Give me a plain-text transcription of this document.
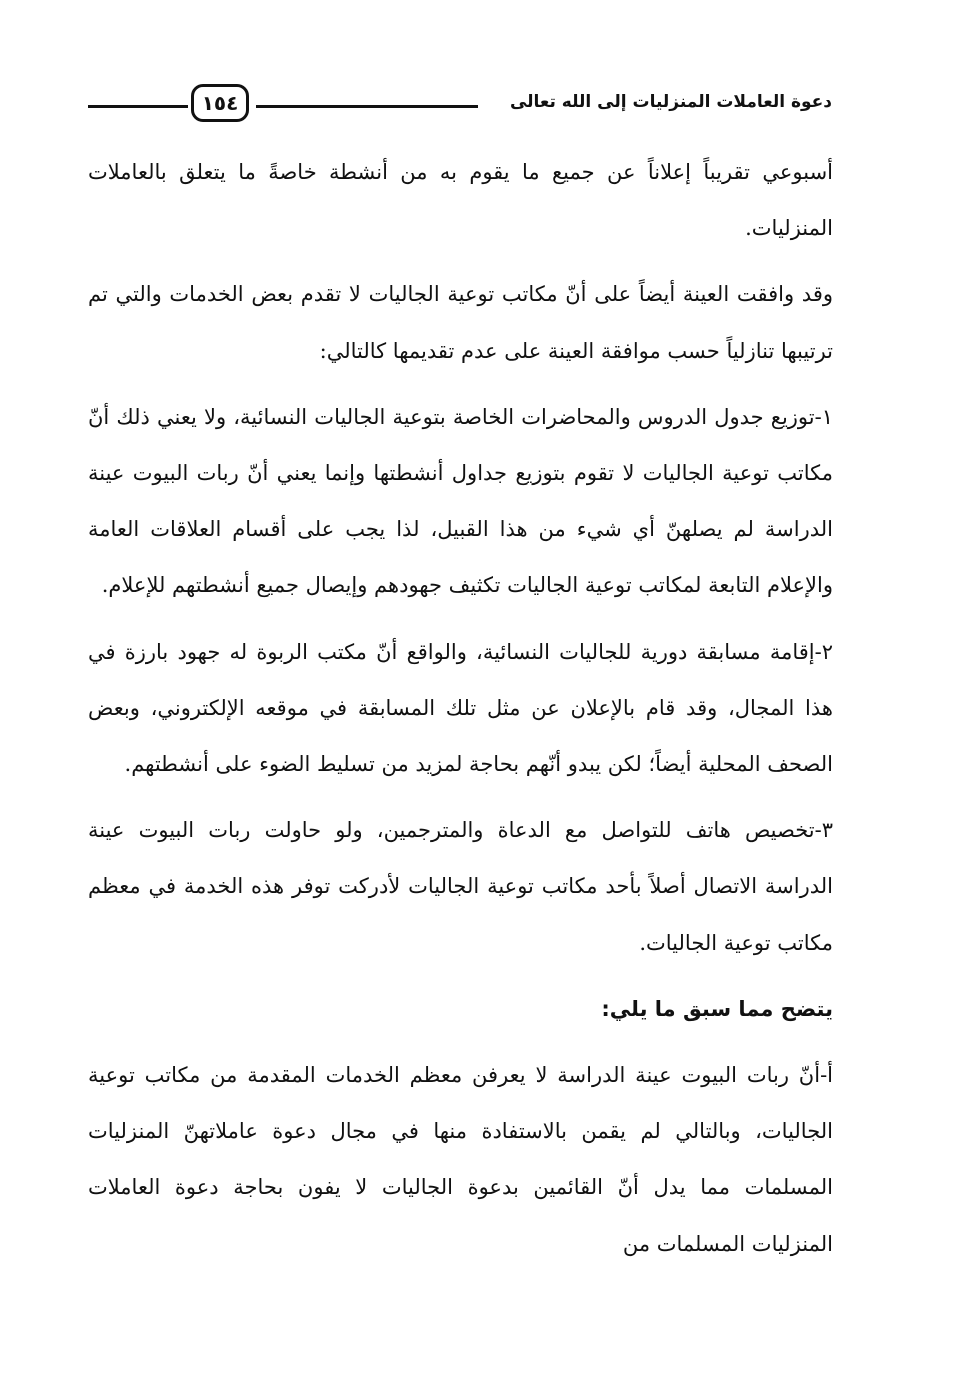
١٥٤	دعوة العاملات المنزليات إلى الله تعالى

أسبوعي تقريباً إعلاناً عن جميع ما يقوم به من أنشطة خاصةً ما يتعلق بالعاملات المنزليات.

وقد وافقت العينة أيضاً على أنّ مكاتب توعية الجاليات لا تقدم بعض الخدمات والتي تم ترتيبها تنازلياً حسب موافقة العينة على عدم تقديمها كالتالي:

١-توزيع جدول الدروس والمحاضرات الخاصة بتوعية الجاليات النسائية، ولا يعني ذلك أنّ مكاتب توعية الجاليات لا تقوم بتوزيع جداول أنشطتها وإنما يعني أنّ ربات البيوت عينة الدراسة لم يصلهنّ أي شيء من هذا القبيل، لذا يجب على أقسام العلاقات العامة والإعلام التابعة لمكاتب توعية الجاليات تكثيف جهودهم وإيصال جميع أنشطتهم للإعلام.

٢-إقامة مسابقة دورية للجاليات النسائية، والواقع أنّ مكتب الربوة له جهود بارزة في هذا المجال، وقد قام بالإعلان عن مثل تلك المسابقة في موقعه الإلكتروني، وبعض الصحف المحلية أيضاً؛ لكن يبدو أنّهم بحاجة لمزيد من تسليط الضوء على أنشطتهم.

٣-تخصيص هاتف للتواصل مع الدعاة والمترجمين، ولو حاولت ربات البيوت عينة الدراسة الاتصال أصلاً بأحد مكاتب توعية الجاليات لأدركت توفر هذه الخدمة في معظم مكاتب توعية الجاليات.

يتضح مما سبق ما يلي:

أ-أنّ ربات البيوت عينة الدراسة لا يعرفن معظم الخدمات المقدمة من مكاتب توعية الجاليات، وبالتالي لم يقمن بالاستفادة منها في مجال دعوة عاملاتهنّ المنزليات المسلمات مما يدل أنّ القائمين بدعوة الجاليات لا يفون بحاجة دعوة العاملات المنزليات المسلمات من
